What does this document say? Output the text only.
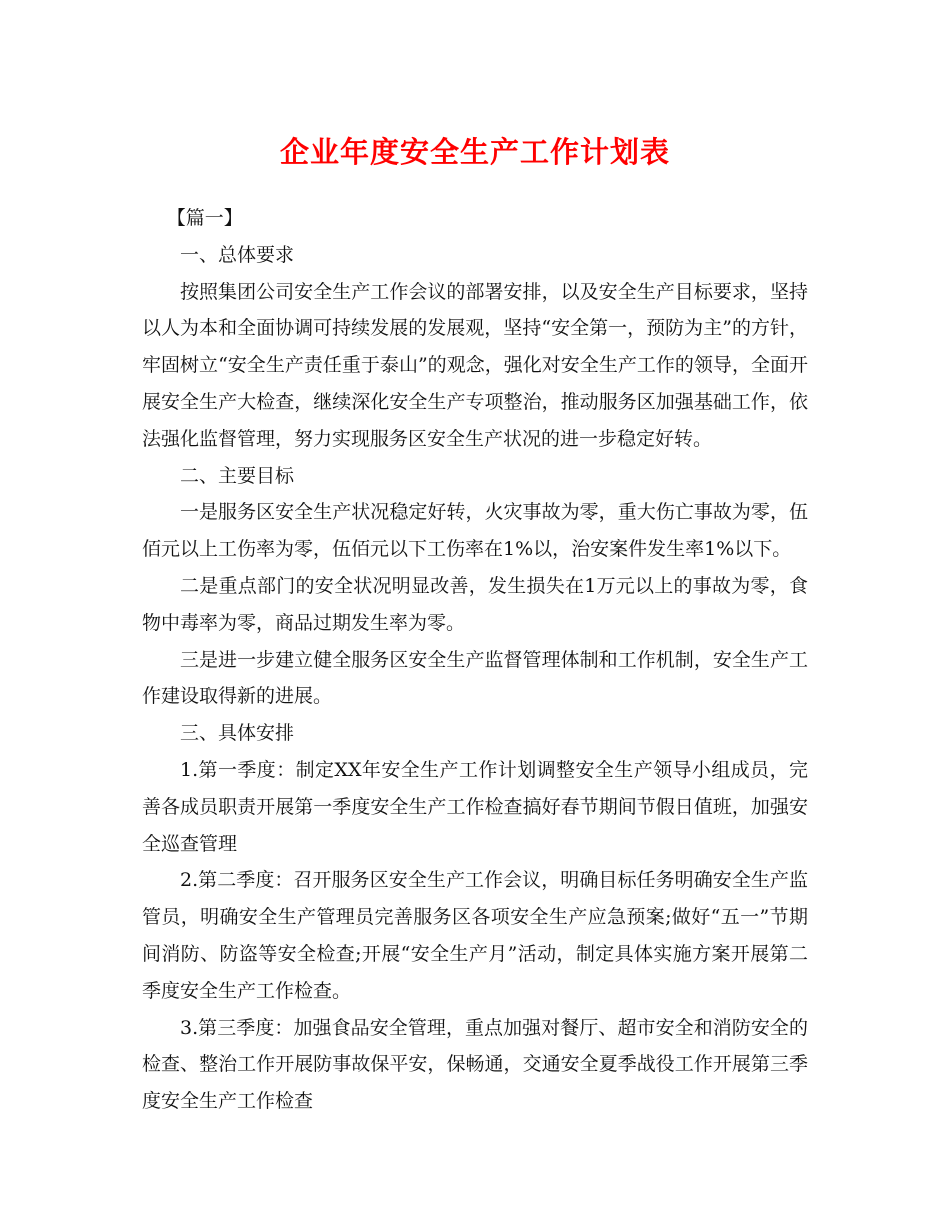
企业年度安全生产工作计划表

【篇一】

一、总体要求

按照集团公司安全生产工作会议的部署安排，以及安全生产目标要求，坚持以人为本和全面协调可持续发展的发展观，坚持“安全第一，预防为主”的方针，牢固树立“安全生产责任重于泰山”的观念，强化对安全生产工作的领导，全面开展安全生产大检查，继续深化安全生产专项整治，推动服务区加强基础工作，依法强化监督管理，努力实现服务区安全生产状况的进一步稳定好转。

二、主要目标

一是服务区安全生产状况稳定好转，火灾事故为零，重大伤亡事故为零，伍佰元以上工伤率为零，伍佰元以下工伤率在1%以，治安案件发生率1%以下。

二是重点部门的安全状况明显改善，发生损失在1万元以上的事故为零，食物中毒率为零，商品过期发生率为零。

三是进一步建立健全服务区安全生产监督管理体制和工作机制，安全生产工作建设取得新的进展。

三、具体安排

1.第一季度：制定XX年安全生产工作计划调整安全生产领导小组成员，完善各成员职责开展第一季度安全生产工作检查搞好春节期间节假日值班，加强安全巡查管理

2.第二季度：召开服务区安全生产工作会议，明确目标任务明确安全生产监管员，明确安全生产管理员完善服务区各项安全生产应急预案;做好“五一”节期间消防、防盗等安全检查;开展“安全生产月”活动，制定具体实施方案开展第二季度安全生产工作检查。

3.第三季度：加强食品安全管理，重点加强对餐厅、超市安全和消防安全的检查、整治工作开展防事故保平安，保畅通，交通安全夏季战役工作开展第三季度安全生产工作检查
